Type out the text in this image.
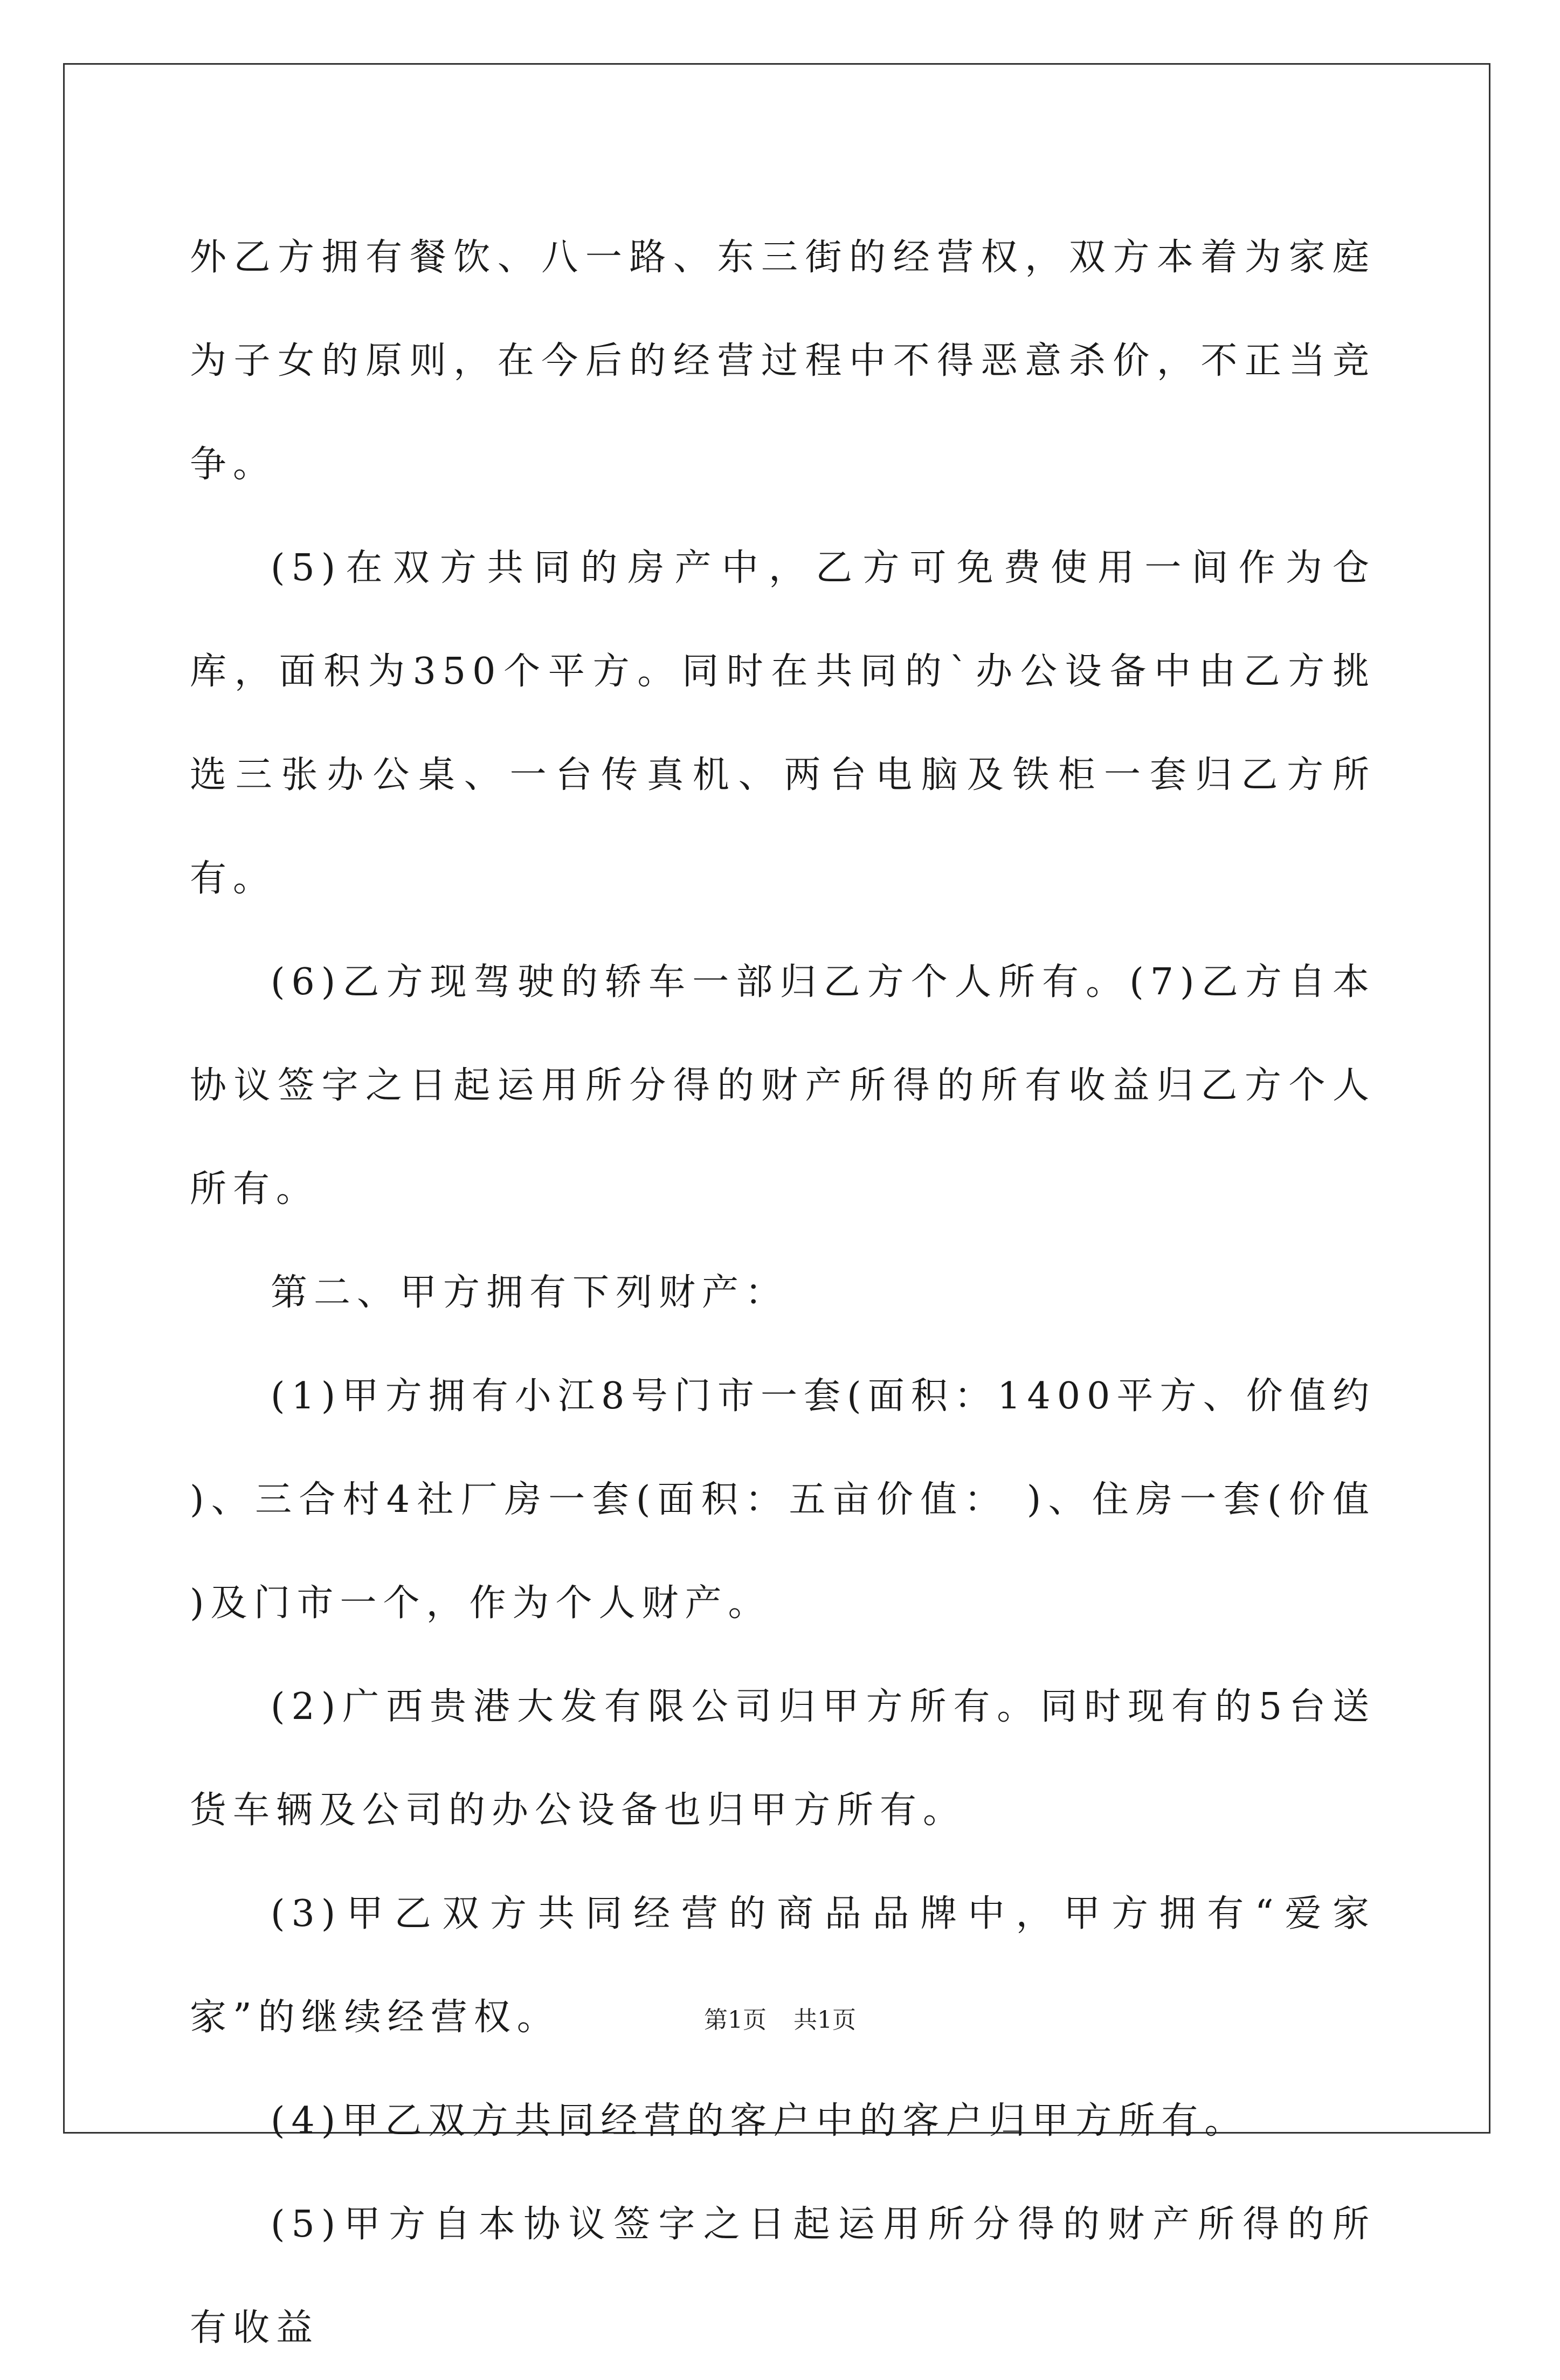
外乙方拥有餐饮、八一路、东三街的经营权，双方本着为家庭为子女的原则，在今后的经营过程中不得恶意杀价，不正当竞争。

(5)在双方共同的房产中，乙方可免费使用一间作为仓库，面积为350个平方。同时在共同的`办公设备中由乙方挑选三张办公桌、一台传真机、两台电脑及铁柜一套归乙方所有。

(6)乙方现驾驶的轿车一部归乙方个人所有。(7)乙方自本协议签字之日起运用所分得的财产所得的所有收益归乙方个人所有。

第二、甲方拥有下列财产：

(1)甲方拥有小江8号门市一套(面积：1400平方、价值约 )、三合村4社厂房一套(面积：五亩价值： )、住房一套(价值 )及门市一个，作为个人财产。

(2)广西贵港大发有限公司归甲方所有。同时现有的5台送货车辆及公司的办公设备也归甲方所有。

(3)甲乙双方共同经营的商品品牌中，甲方拥有“爱家家”的继续经营权。

(4)甲乙双方共同经营的客户中的客户归甲方所有。

(5)甲方自本协议签字之日起运用所分得的财产所得的所有收益

第1页 共1页
